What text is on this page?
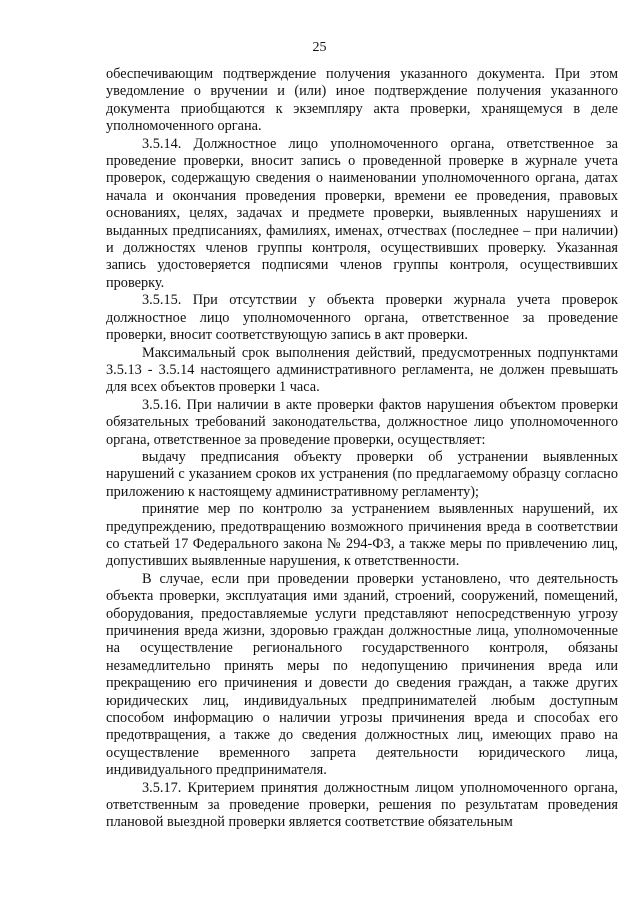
25

обеспечивающим подтверждение получения указанного документа. При этом уведомление о вручении и (или) иное подтверждение получения указанного документа приобщаются к экземпляру акта проверки, хранящемуся в деле уполномоченного органа.

3.5.14. Должностное лицо уполномоченного органа, ответственное за проведение проверки, вносит запись о проведенной проверке в журнале учета проверок, содержащую сведения о наименовании уполномоченного органа, датах начала и окончания проведения проверки, времени ее проведения, правовых основаниях, целях, задачах и предмете проверки, выявленных нарушениях и выданных предписаниях, фамилиях, именах, отчествах (последнее – при наличии) и должностях членов группы контроля, осуществивших проверку. Указанная запись удостоверяется подписями членов группы контроля, осуществивших проверку.

3.5.15. При отсутствии у объекта проверки журнала учета проверок должностное лицо уполномоченного органа, ответственное за проведение проверки, вносит соответствующую запись в акт проверки.

Максимальный срок выполнения действий, предусмотренных подпунктами 3.5.13 - 3.5.14 настоящего административного регламента, не должен превышать для всех объектов проверки 1 часа.

3.5.16. При наличии в акте проверки фактов нарушения объектом проверки обязательных требований законодательства, должностное лицо уполномоченного органа, ответственное за проведение проверки, осуществляет:

выдачу предписания объекту проверки об устранении выявленных нарушений с указанием сроков их устранения (по предлагаемому образцу согласно приложению к настоящему административному регламенту);

принятие мер по контролю за устранением выявленных нарушений, их предупреждению, предотвращению возможного причинения вреда в соответствии со статьей 17 Федерального закона № 294-ФЗ, а также меры по привлечению лиц, допустивших выявленные нарушения, к ответственности.

В случае, если при проведении проверки установлено, что деятельность объекта проверки, эксплуатация ими зданий, строений, сооружений, помещений, оборудования, предоставляемые услуги представляют непосредственную угрозу причинения вреда жизни, здоровью граждан должностные лица, уполномоченные на осуществление регионального государственного контроля, обязаны незамедлительно принять меры по недопущению причинения вреда или прекращению его причинения и довести до сведения граждан, а также других юридических лиц, индивидуальных предпринимателей любым доступным способом информацию о наличии угрозы причинения вреда и способах его предотвращения, а также до сведения должностных лиц, имеющих право на осуществление временного запрета деятельности юридического лица, индивидуального предпринимателя.

3.5.17. Критерием принятия должностным лицом уполномоченного органа, ответственным за проведение проверки, решения по результатам проведения плановой выездной проверки является соответствие обязательным
